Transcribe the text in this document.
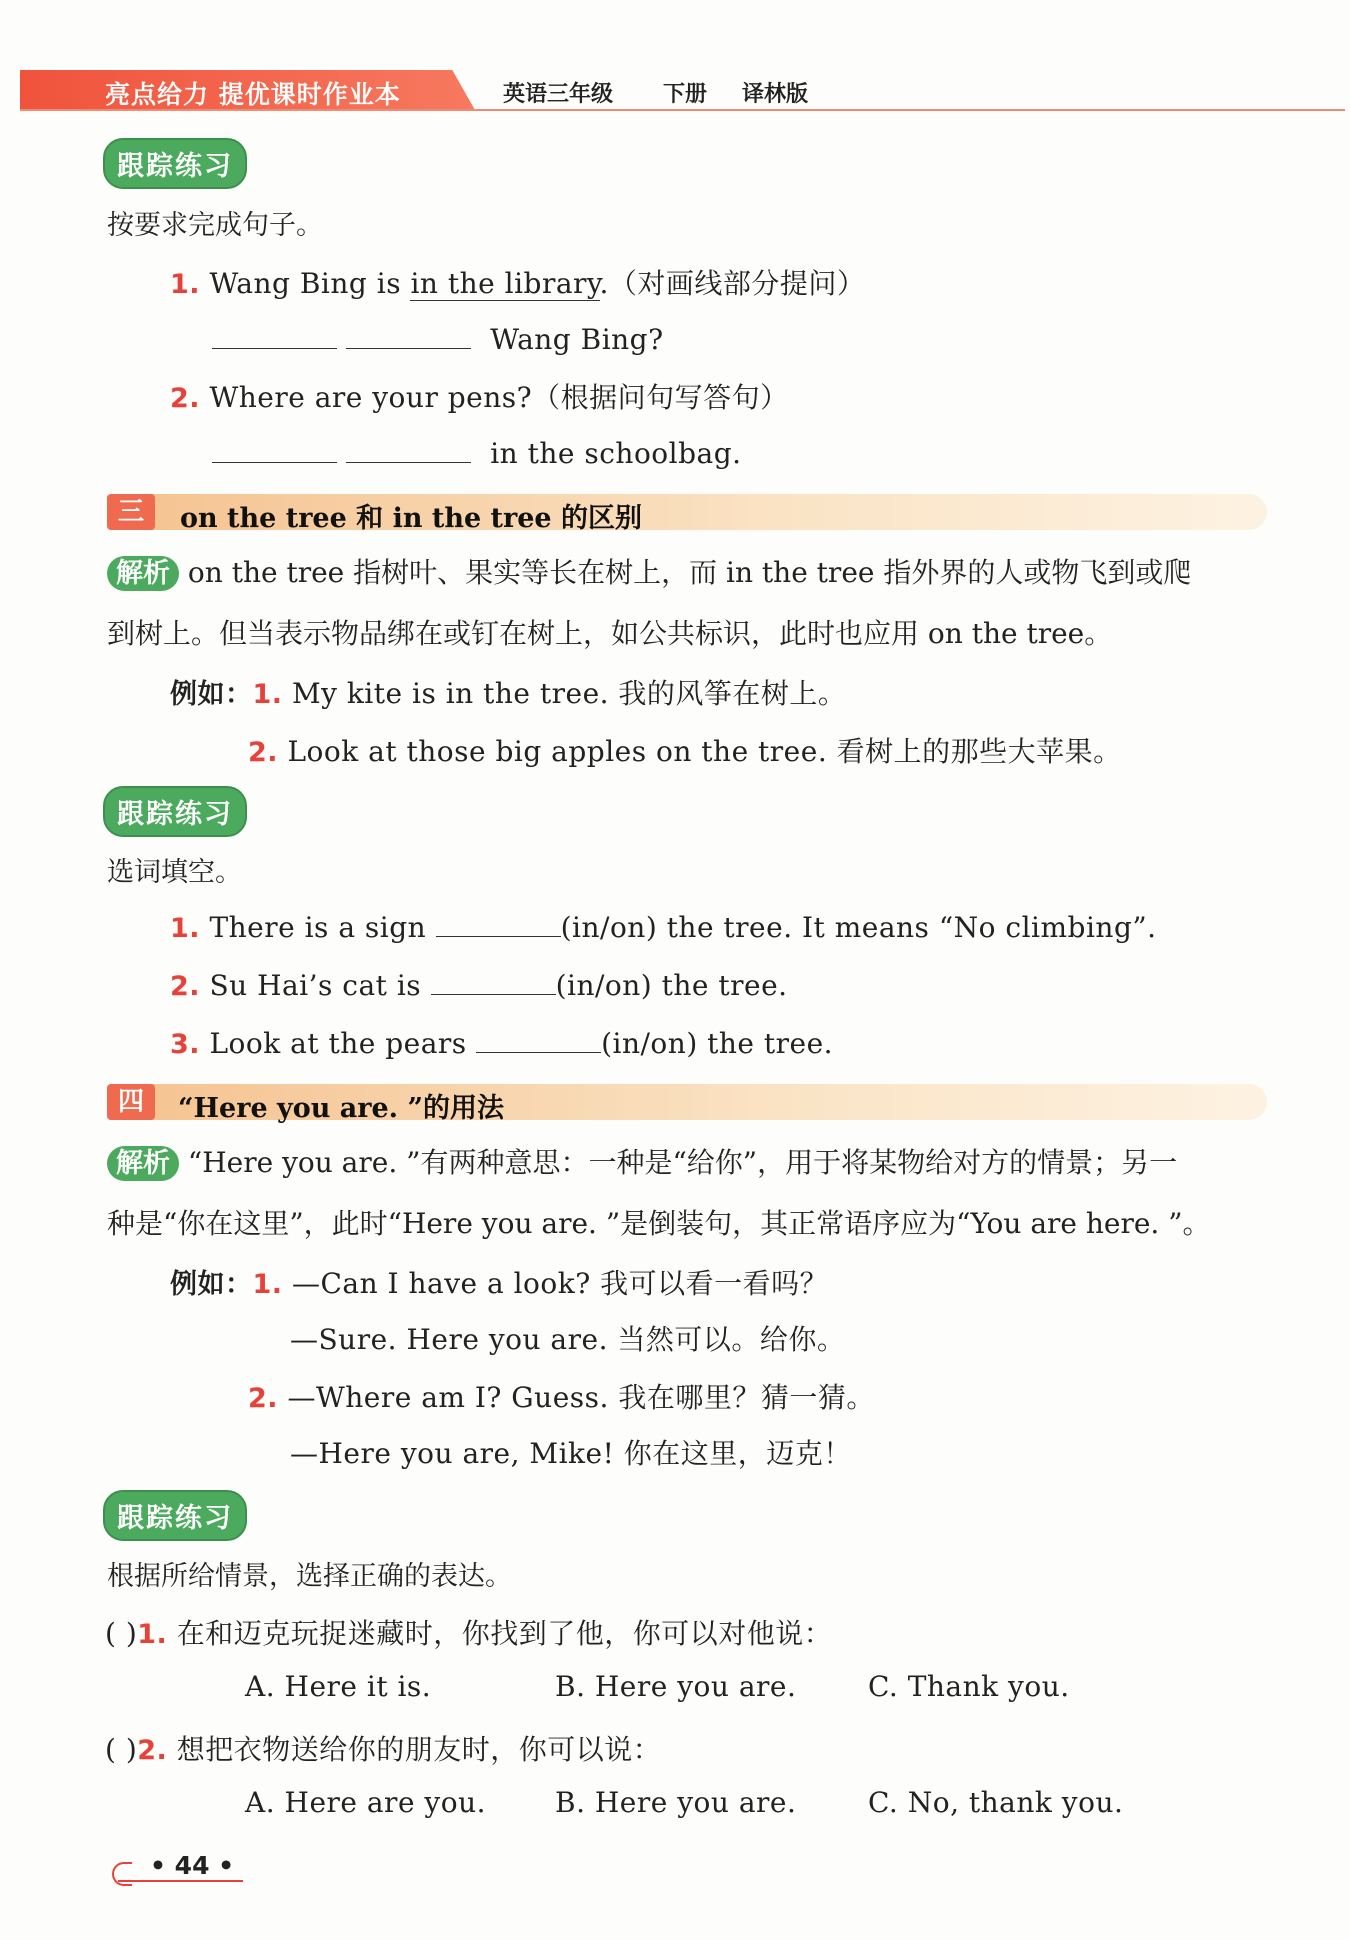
亮点给力 提优课时作业本	英语三年级 下册 译林版
跟踪练习
按要求完成句子。
1. Wang Bing is in the library.（对画线部分提问）
Wang Bing?
2. Where are your pens?（根据问句写答句）
in the schoolbag.
三	on the tree 和 in the tree 的区别
解析 on the tree 指树叶、果实等长在树上，而 in the tree 指外界的人或物飞到或爬
到树上。但当表示物品绑在或钉在树上，如公共标识，此时也应用 on the tree。
例如：1. My kite is in the tree. 我的风筝在树上。
2. Look at those big apples on the tree. 看树上的那些大苹果。
跟踪练习
选词填空。
1. There is a sign	(in/on) the tree. It means “No climbing”.
2. Su Hai’s cat is	(in/on) the tree.
3. Look at the pears	(in/on) the tree.
四	“Here you are. ”的用法
解析 “Here you are. ”有两种意思：一种是“给你”，用于将某物给对方的情景；另一
种是“你在这里”，此时“Here you are. ”是倒装句，其正常语序应为“You are here. ”。
例如：1. —Can I have a look? 我可以看一看吗？
—Sure. Here you are. 当然可以。给你。
2. —Where am I? Guess. 我在哪里？猜一猜。
—Here you are, Mike! 你在这里，迈克！
跟踪练习
根据所给情景，选择正确的表达。
( )1. 在和迈克玩捉迷藏时，你找到了他，你可以对他说：
A. Here it is.	B. Here you are.	C. Thank you.
( )2. 想把衣物送给你的朋友时，你可以说：
A. Here are you. B. Here you are.	C. No, thank you.
• 44 •
